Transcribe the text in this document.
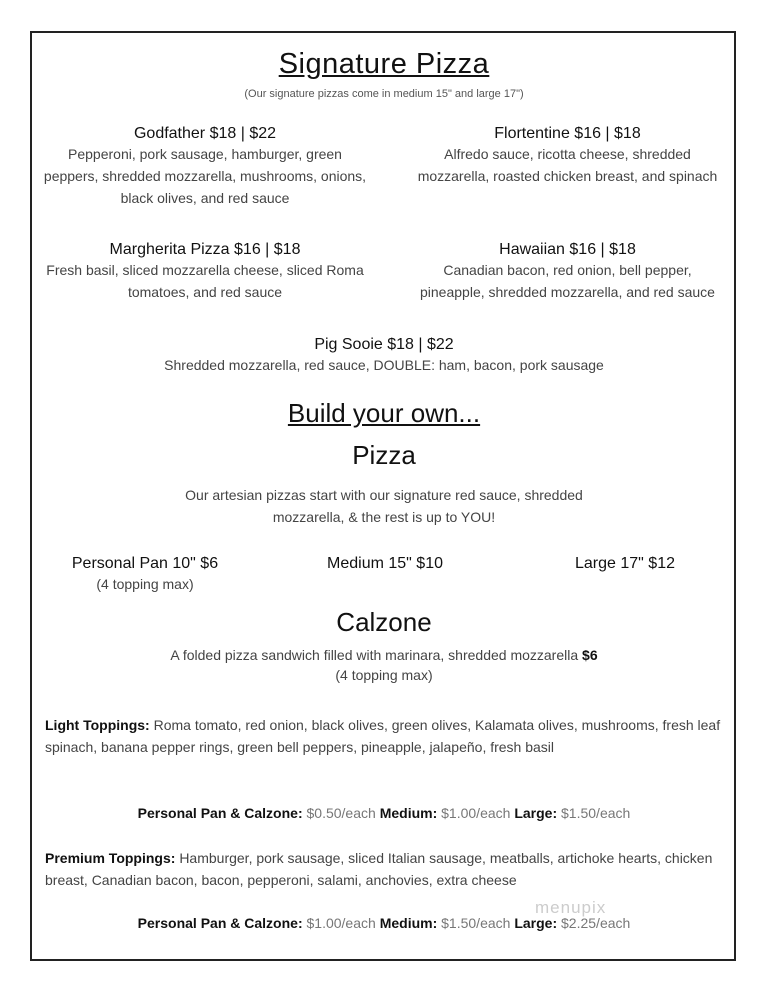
Signature Pizza
(Our signature pizzas come in medium 15" and large 17")
Godfather $18 | $22
Pepperoni, pork sausage, hamburger, green peppers, shredded mozzarella, mushrooms, onions, black olives, and red sauce
Flortentine $16 | $18
Alfredo sauce, ricotta cheese, shredded mozzarella, roasted chicken breast, and spinach
Margherita Pizza $16 | $18
Fresh basil, sliced mozzarella cheese, sliced Roma tomatoes, and red sauce
Hawaiian $16 | $18
Canadian bacon, red onion, bell pepper, pineapple, shredded mozzarella, and red sauce
Pig Sooie $18 | $22
Shredded mozzarella, red sauce, DOUBLE: ham, bacon, pork sausage
Build your own...
Pizza
Our artesian pizzas start with our signature red sauce, shredded mozzarella, & the rest is up to YOU!
Personal Pan 10" $6
(4 topping max)
Medium 15" $10	Large 17" $12
Calzone
A folded pizza sandwich filled with marinara, shredded mozzarella $6
(4 topping max)
Light Toppings: Roma tomato, red onion, black olives, green olives, Kalamata olives, mushrooms, fresh leaf spinach, banana pepper rings, green bell peppers, pineapple, jalapeño, fresh basil
Personal Pan & Calzone: $0.50/each Medium: $1.00/each Large: $1.50/each
Premium Toppings: Hamburger, pork sausage, sliced Italian sausage, meatballs, artichoke hearts, chicken breast, Canadian bacon, bacon, pepperoni, salami, anchovies, extra cheese
Personal Pan & Calzone: $1.00/each Medium: $1.50/each Large: $2.25/each
menupix
